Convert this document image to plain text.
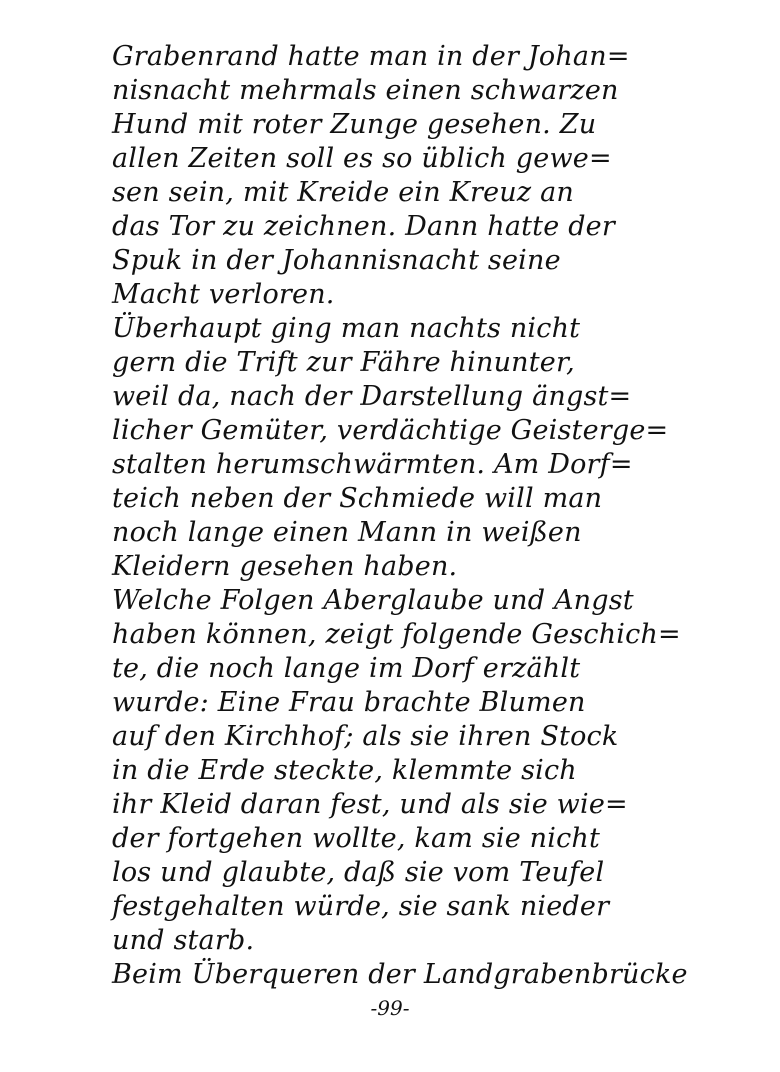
Grabenrand hatte man in der Johan=
nisnacht mehrmals einen schwarzen
Hund mit roter Zunge gesehen. Zu
allen Zeiten soll es so üblich gewe=
sen sein, mit Kreide ein Kreuz an
das Tor zu zeichnen. Dann hatte der
Spuk in der Johannisnacht seine
Macht verloren.
Überhaupt ging man nachts nicht
gern die Trift zur Fähre hinunter,
weil da, nach der Darstellung ängst=
licher Gemüter, verdächtige Geisterge=
stalten herumschwärmten. Am Dorf=
teich neben der Schmiede will man
noch lange einen Mann in weißen
Kleidern gesehen haben.
Welche Folgen Aberglaube und Angst
haben können, zeigt folgende Geschich=
te, die noch lange im Dorf erzählt
wurde: Eine Frau brachte Blumen
auf den Kirchhof; als sie ihren Stock
in die Erde steckte, klemmte sich
ihr Kleid daran fest, und als sie wie=
der fortgehen wollte, kam sie nicht
los und glaubte, daß sie vom Teufel
festgehalten würde, sie sank nieder
und starb.
Beim Überqueren der Landgrabenbrücke
-99-
